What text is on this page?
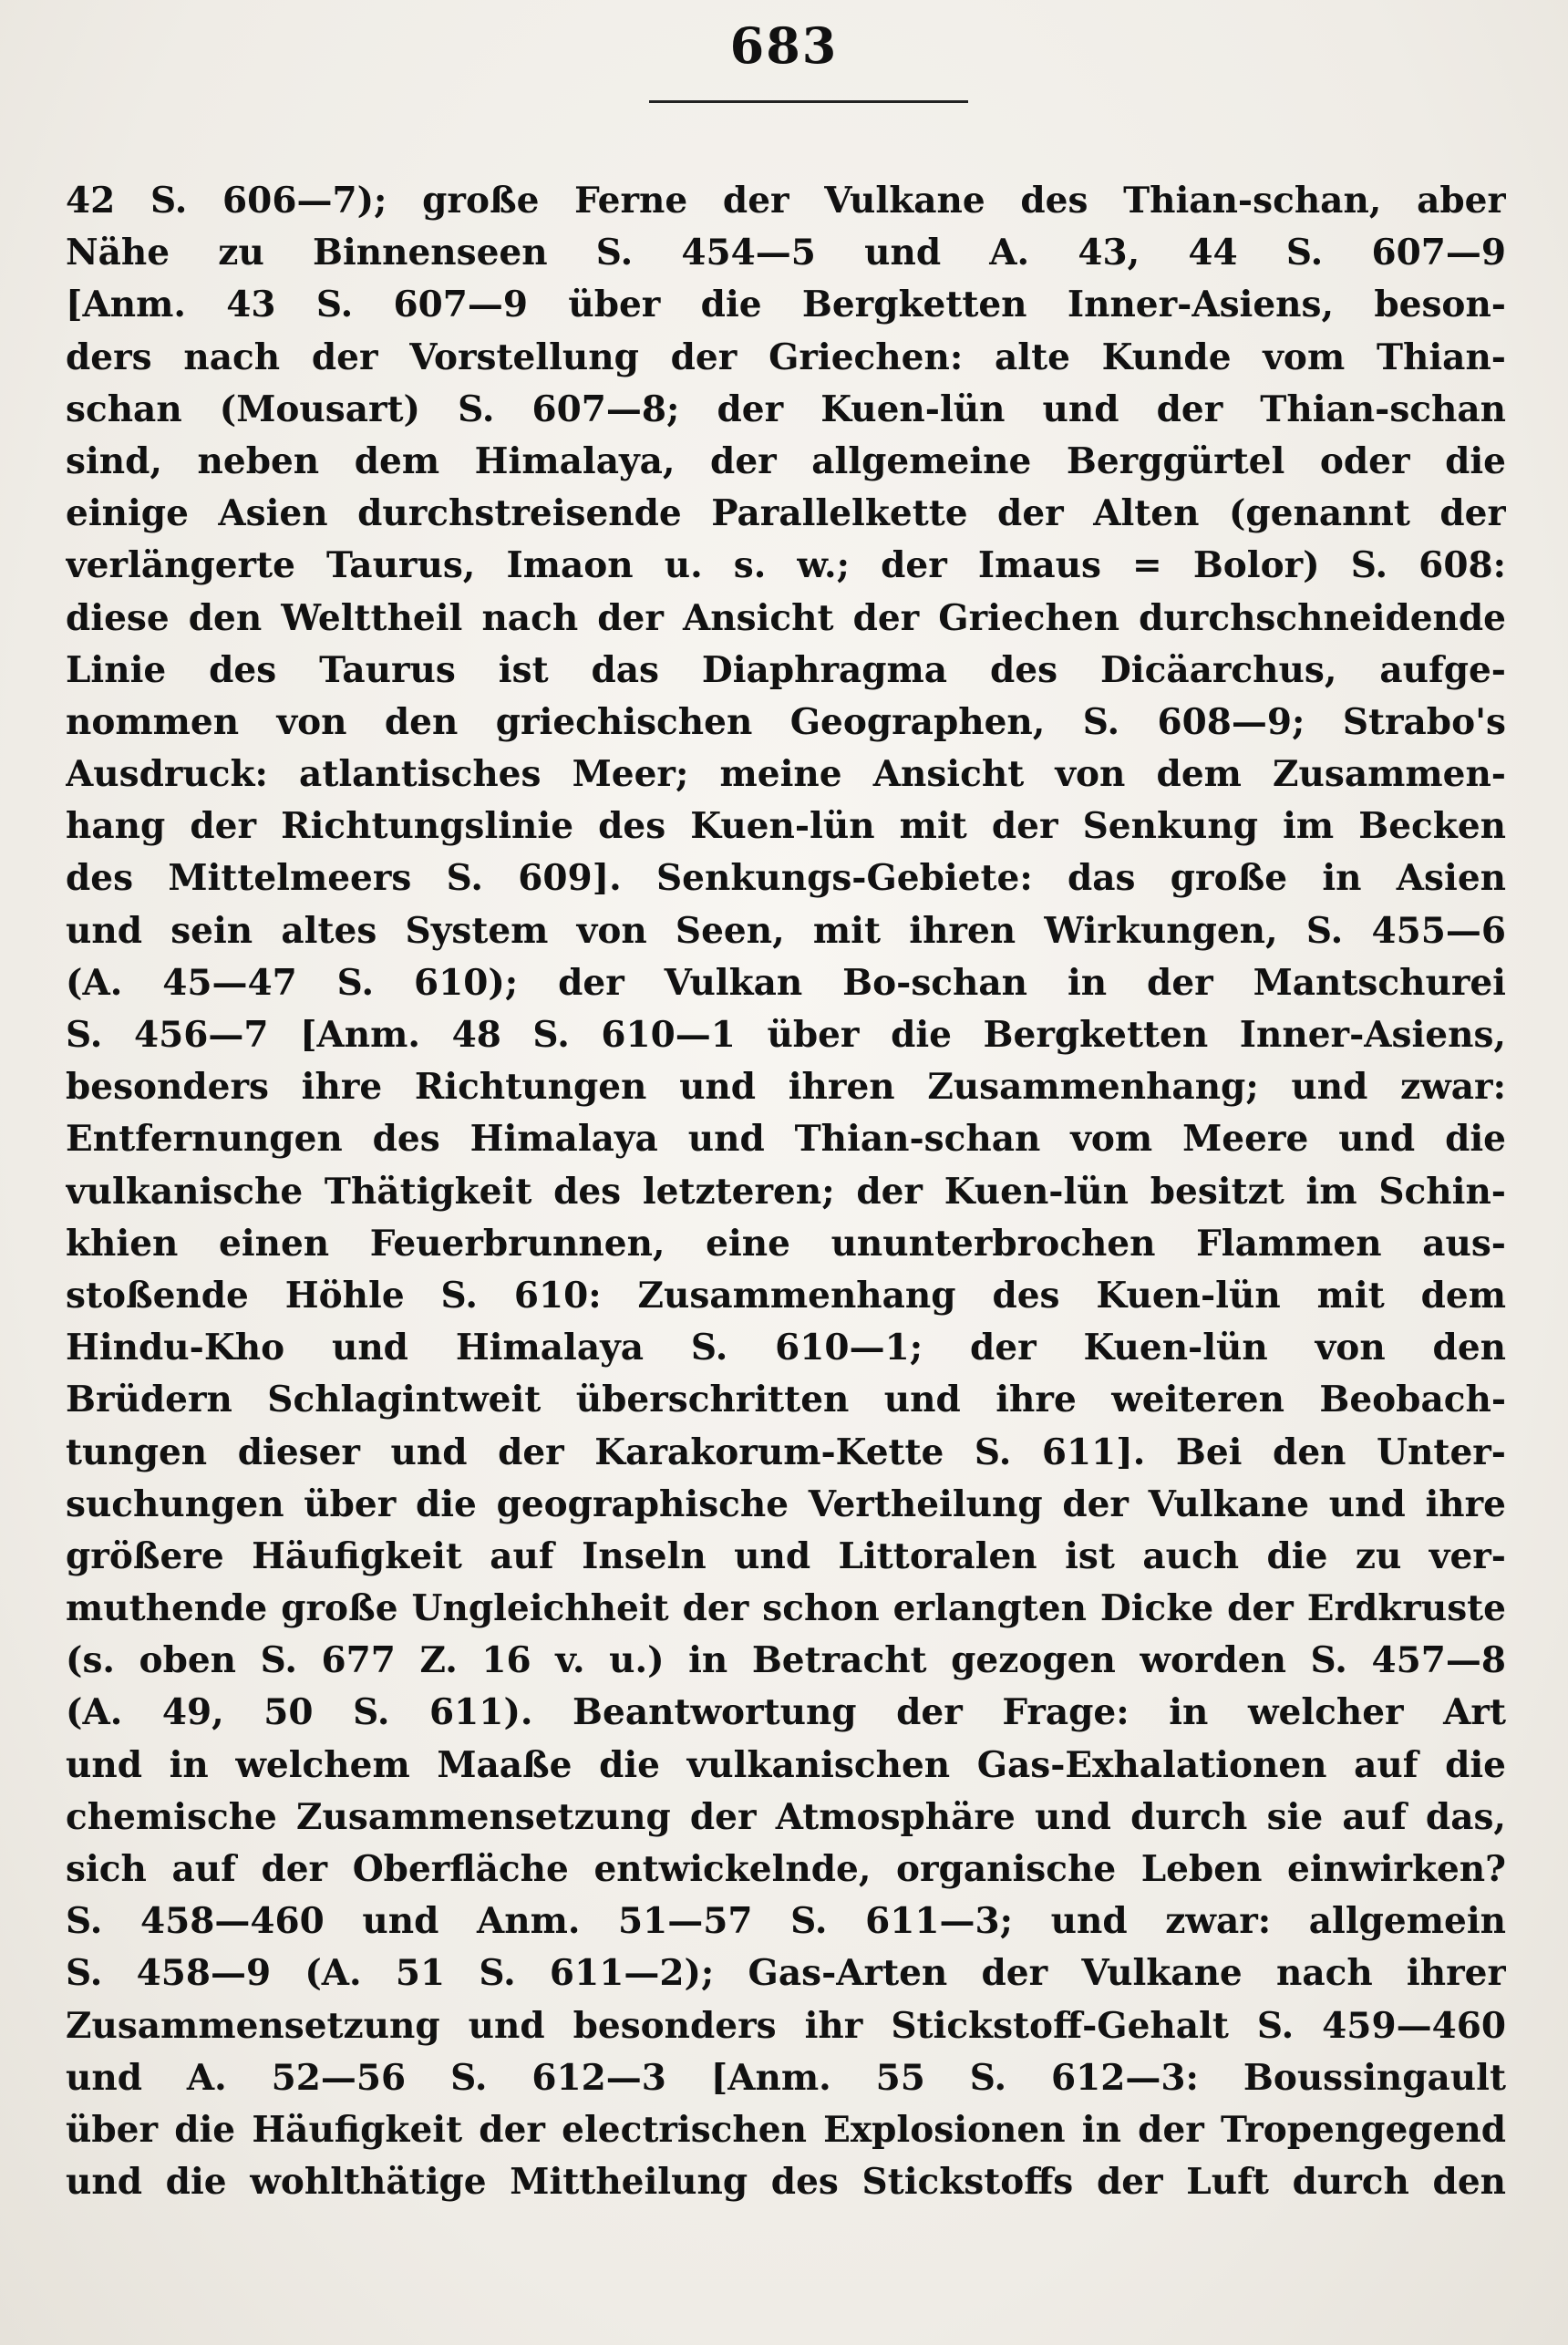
683
42 S. 606—7); große Ferne der Vulkane des Thian-schan, aber
Nähe zu Binnenseen S. 454—5 und A. 43, 44 S. 607—9
[Anm. 43 S. 607—9 über die Bergketten Inner-Asiens, beson-
ders nach der Vorstellung der Griechen: alte Kunde vom Thian-
schan (Mousart) S. 607—8; der Kuen-lün und der Thian-schan
sind, neben dem Himalaya, der allgemeine Berggürtel oder die
einige Asien durchstreisende Parallelkette der Alten (genannt der
verlängerte Taurus, Imaon u. s. w.; der Imaus = Bolor) S. 608:
diese den Welttheil nach der Ansicht der Griechen durchschneidende
Linie des Taurus ist das Diaphragma des Dicäarchus, aufge-
nommen von den griechischen Geographen, S. 608—9; Strabo's
Ausdruck: atlantisches Meer; meine Ansicht von dem Zusammen-
hang der Richtungslinie des Kuen-lün mit der Senkung im Becken
des Mittelmeers S. 609]. Senkungs-Gebiete: das große in Asien
und sein altes System von Seen, mit ihren Wirkungen, S. 455—6
(A. 45—47 S. 610); der Vulkan Bo-schan in der Mantschurei
S. 456—7 [Anm. 48 S. 610—1 über die Bergketten Inner-Asiens,
besonders ihre Richtungen und ihren Zusammenhang; und zwar:
Entfernungen des Himalaya und Thian-schan vom Meere und die
vulkanische Thätigkeit des letzteren; der Kuen-lün besitzt im Schin-
khien einen Feuerbrunnen, eine ununterbrochen Flammen aus-
stoßende Höhle S. 610: Zusammenhang des Kuen-lün mit dem
Hindu-Kho und Himalaya S. 610—1; der Kuen-lün von den
Brüdern Schlagintweit überschritten und ihre weiteren Beobach-
tungen dieser und der Karakorum-Kette S. 611]. Bei den Unter-
suchungen über die geographische Vertheilung der Vulkane und ihre
größere Häufigkeit auf Inseln und Littoralen ist auch die zu ver-
muthende große Ungleichheit der schon erlangten Dicke der Erdkruste
(s. oben S. 677 Z. 16 v. u.) in Betracht gezogen worden S. 457—8
(A. 49, 50 S. 611). Beantwortung der Frage: in welcher Art
und in welchem Maaße die vulkanischen Gas-Exhalationen auf die
chemische Zusammensetzung der Atmosphäre und durch sie auf das,
sich auf der Oberfläche entwickelnde, organische Leben einwirken?
S. 458—460 und Anm. 51—57 S. 611—3; und zwar: allgemein
S. 458—9 (A. 51 S. 611—2); Gas-Arten der Vulkane nach ihrer
Zusammensetzung und besonders ihr Stickstoff-Gehalt S. 459—460
und A. 52—56 S. 612—3 [Anm. 55 S. 612—3: Boussingault
über die Häufigkeit der electrischen Explosionen in der Tropengegend
und die wohlthätige Mittheilung des Stickstoffs der Luft durch den
